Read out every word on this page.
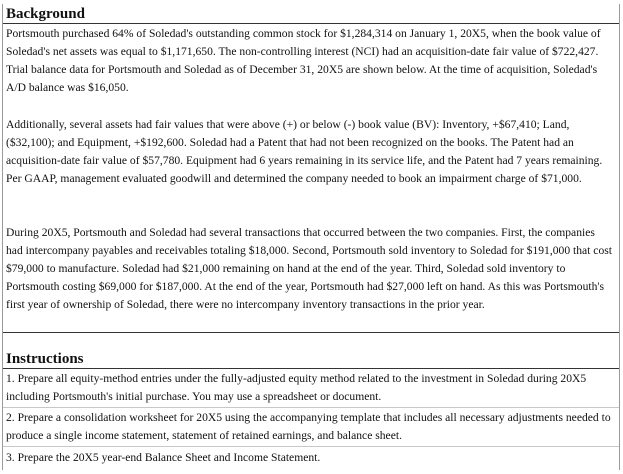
Background

Portsmouth purchased 64% of Soledad's outstanding common stock for $1,284,314 on January 1, 20X5, when the book value of Soledad's net assets was equal to $1,171,650. The non-controlling interest (NCI) had an acquisition-date fair value of $722,427. Trial balance data for Portsmouth and Soledad as of December 31, 20X5 are shown below. At the time of acquisition, Soledad's A/D balance was $16,050.

Additionally, several assets had fair values that were above (+) or below (-) book value (BV): Inventory, +$67,410; Land, ($32,100); and Equipment, +$192,600. Soledad had a Patent that had not been recognized on the books. The Patent had an acquisition-date fair value of $57,780. Equipment had 6 years remaining in its service life, and the Patent had 7 years remaining. Per GAAP, management evaluated goodwill and determined the company needed to book an impairment charge of $71,000.

During 20X5, Portsmouth and Soledad had several transactions that occurred between the two companies. First, the companies had intercompany payables and receivables totaling $18,000. Second, Portsmouth sold inventory to Soledad for $191,000 that cost $79,000 to manufacture. Soledad had $21,000 remaining on hand at the end of the year. Third, Soledad sold inventory to Portsmouth costing $69,000 for $187,000. At the end of the year, Portsmouth had $27,000 left on hand. As this was Portsmouth's first year of ownership of Soledad, there were no intercompany inventory transactions in the prior year.

Instructions
1. Prepare all equity-method entries under the fully-adjusted equity method related to the investment in Soledad during 20X5 including Portsmouth's initial purchase. You may use a spreadsheet or document.
2. Prepare a consolidation worksheet for 20X5 using the accompanying template that includes all necessary adjustments needed to produce a single income statement, statement of retained earnings, and balance sheet.
3. Prepare the 20X5 year-end Balance Sheet and Income Statement.
